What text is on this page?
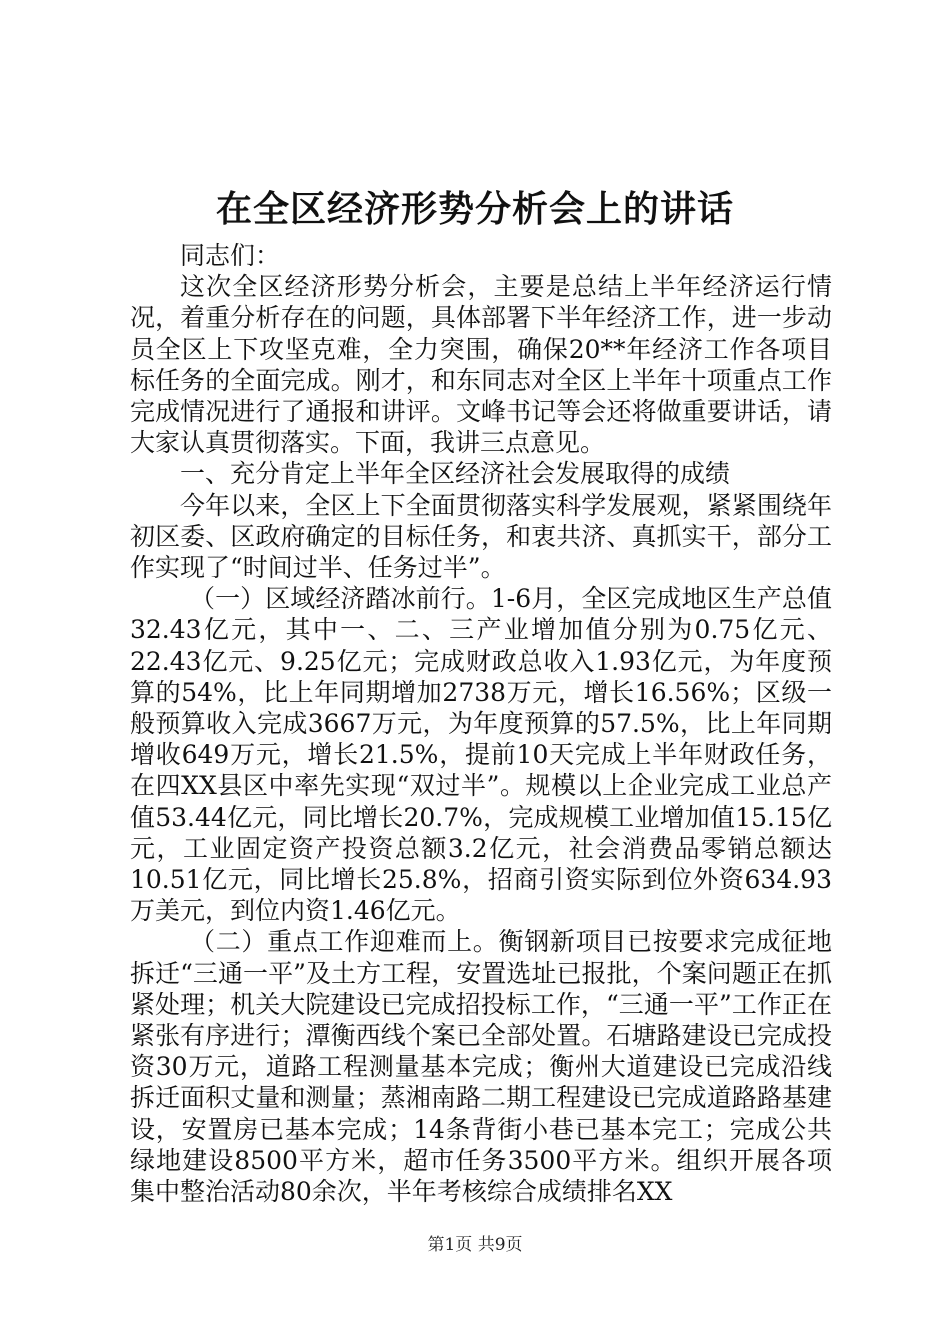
在全区经济形势分析会上的讲话

同志们：

这次全区经济形势分析会，主要是总结上半年经济运行情况，着重分析存在的问题，具体部署下半年经济工作，进一步动员全区上下攻坚克难，全力突围，确保20**年经济工作各项目标任务的全面完成。刚才，和东同志对全区上半年十项重点工作完成情况进行了通报和讲评。文峰书记等会还将做重要讲话，请大家认真贯彻落实。下面，我讲三点意见。

一、充分肯定上半年全区经济社会发展取得的成绩

今年以来，全区上下全面贯彻落实科学发展观，紧紧围绕年初区委、区政府确定的目标任务，和衷共济、真抓实干，部分工作实现了“时间过半、任务过半”。

（一）区域经济踏冰前行。1-6月，全区完成地区生产总值32.43亿元，其中一、二、三产业增加值分别为0.75亿元、22.43亿元、9.25亿元；完成财政总收入1.93亿元，为年度预算的54%，比上年同期增加2738万元，增长16.56%；区级一般预算收入完成3667万元，为年度预算的57.5%，比上年同期增收649万元，增长21.5%，提前10天完成上半年财政任务，在四XX县区中率先实现“双过半”。规模以上企业完成工业总产值53.44亿元，同比增长20.7%，完成规模工业增加值15.15亿元，工业固定资产投资总额3.2亿元，社会消费品零销总额达10.51亿元，同比增长25.8%，招商引资实际到位外资634.93万美元，到位内资1.46亿元。

（二）重点工作迎难而上。衡钢新项目已按要求完成征地拆迁“三通一平”及土方工程，安置选址已报批，个案问题正在抓紧处理；机关大院建设已完成招投标工作，“三通一平”工作正在紧张有序进行；潭衡西线个案已全部处置。石塘路建设已完成投资30万元，道路工程测量基本完成；衡州大道建设已完成沿线拆迁面积丈量和测量；蒸湘南路二期工程建设已完成道路路基建设，安置房已基本完成；14条背街小巷已基本完工；完成公共绿地建设8500平方米，超市任务3500平方米。组织开展各项集中整治活动80余次，半年考核综合成绩排名XX

第1页 共9页
